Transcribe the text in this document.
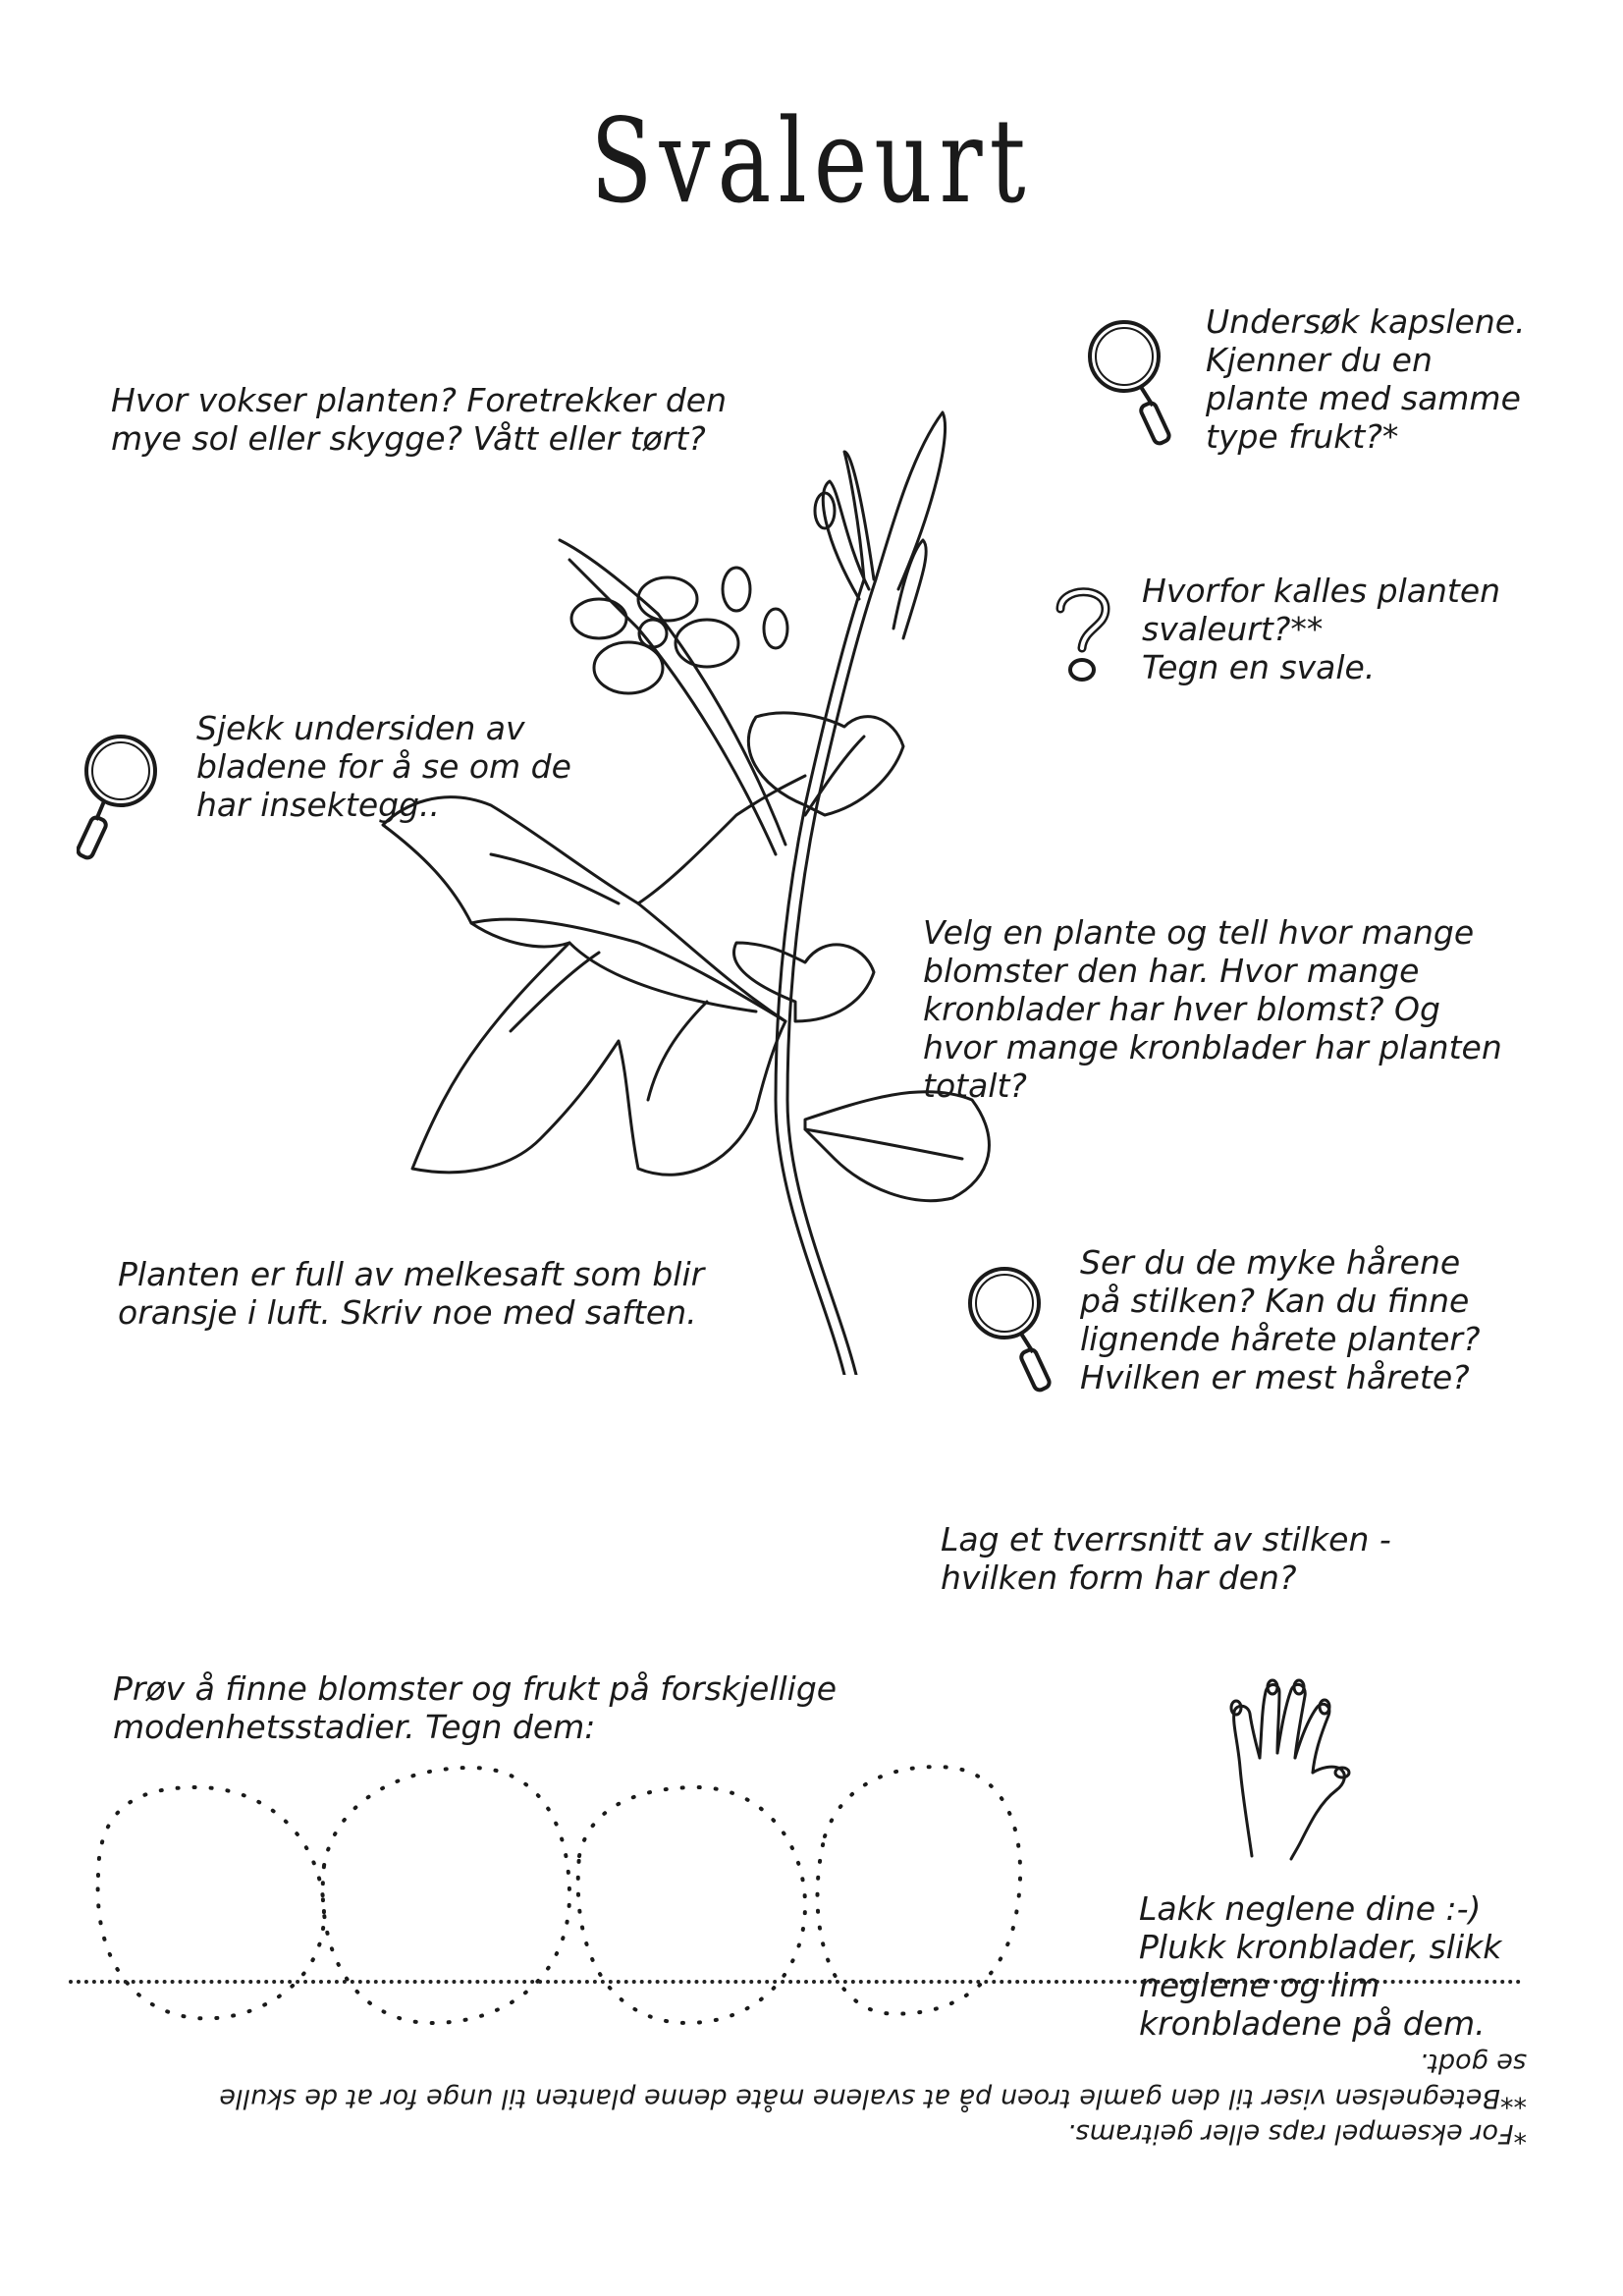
Svaleurt
Hvor vokser planten? Foretrekker den
mye sol eller skygge? Vått eller tørt?
Undersøk kapslene.
Kjenner du en
plante med samme
type frukt?*
Hvorfor kalles planten
svaleurt?**
Tegn en svale.
Sjekk undersiden av
bladene for å se om de
har insektegg..
Velg en plante og tell hvor mange
blomster den har. Hvor mange
kronblader har hver blomst? Og
hvor mange kronblader har planten
totalt?
Planten er full av melkesaft som blir
oransje i luft. Skriv noe med saften.
Ser du de myke hårene
på stilken? Kan du finne
lignende hårete planter?
Hvilken er mest hårete?
Lag et tverrsnitt av stilken -
hvilken form har den?
Prøv å finne blomster og frukt på forskjellige
modenhetsstadier. Tegn dem:
Lakk neglene dine :-)
Plukk kronblader, slikk
neglene og lim
kronbladene på dem.
*For eksempel raps eller geitrams.
**Betegnelsen viser til den gamle troen på at svalene måte denne planten til unge for at de skulle
se godt.
